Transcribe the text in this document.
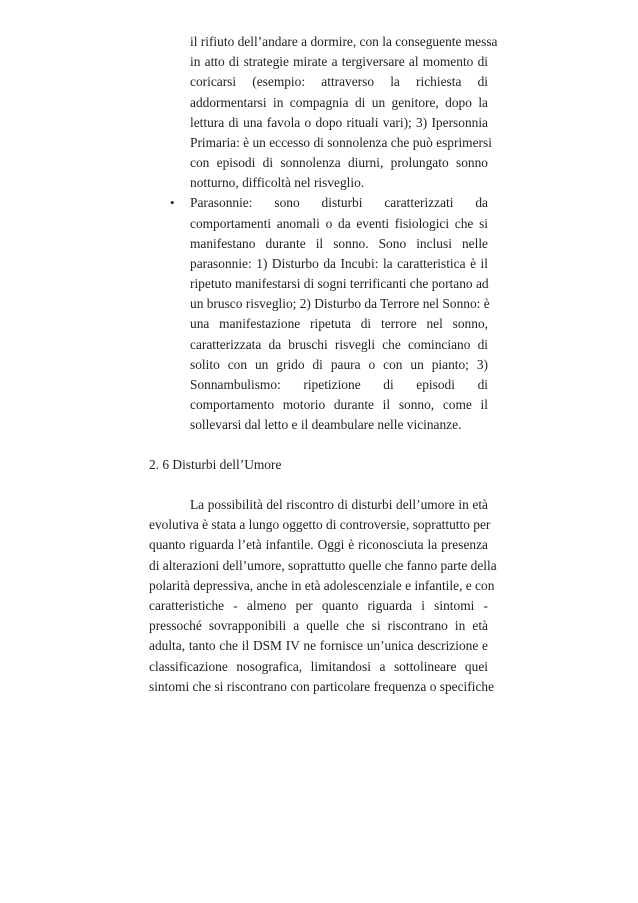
il rifiuto dell’andare a dormire, con la conseguente messa

in atto di strategie mirate a tergiversare al momento di

coricarsi (esempio: attraverso la richiesta di

addormentarsi in compagnia di un genitore, dopo la

lettura di una favola o dopo rituali vari); 3) Ipersonnia

Primaria: è un eccesso di sonnolenza che può esprimersi

con episodi di sonnolenza diurni, prolungato sonno

notturno, difficoltà nel risveglio.

• Parasonnie: sono disturbi caratterizzati da

comportamenti anomali o da eventi fisiologici che si

manifestano durante il sonno. Sono inclusi nelle

parasonnie: 1) Disturbo da Incubi: la caratteristica è il

ripetuto manifestarsi di sogni terrificanti che portano ad

un brusco risveglio; 2) Disturbo da Terrore nel Sonno: è

una manifestazione ripetuta di terrore nel sonno,

caratterizzata da bruschi risvegli che cominciano di

solito con un grido di paura o con un pianto; 3)

Sonnambulismo: ripetizione di episodi di

comportamento motorio durante il sonno, come il

sollevarsi dal letto e il deambulare nelle vicinanze.

2. 6 Disturbi dell’Umore

La possibilità del riscontro di disturbi dell’umore in età

evolutiva è stata a lungo oggetto di controversie, soprattutto per

quanto riguarda l’età infantile. Oggi è riconosciuta la presenza

di alterazioni dell’umore, soprattutto quelle che fanno parte della

polarità depressiva, anche in età adolescenziale e infantile, e con

caratteristiche - almeno per quanto riguarda i sintomi -

pressoché sovrapponibili a quelle che si riscontrano in età

adulta, tanto che il DSM IV ne fornisce un’unica descrizione e

classificazione nosografica, limitandosi a sottolineare quei

sintomi che si riscontrano con particolare frequenza o specifiche
